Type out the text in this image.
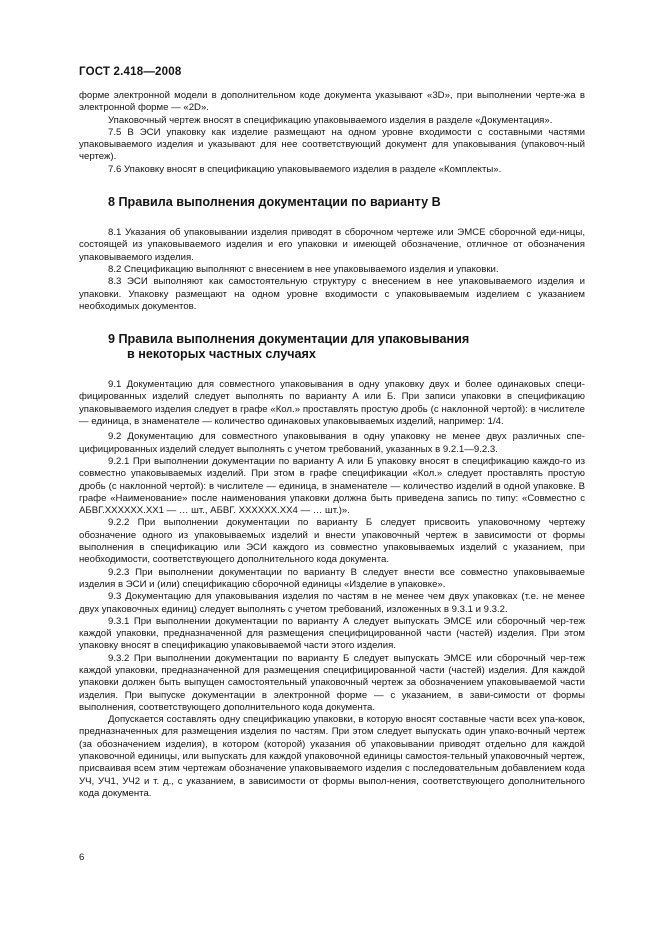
ГОСТ 2.418—2008

форме электронной модели в дополнительном коде документа указывают «3D», при выполнении черте-жа в электронной форме — «2D».

Упаковочный чертеж вносят в спецификацию упаковываемого изделия в разделе «Документация».

7.5 В ЭСИ упаковку как изделие размещают на одном уровне входимости с составными частями упаковываемого изделия и указывают для нее соответствующий документ для упаковывания (упаковоч-ный чертеж).

7.6 Упаковку вносят в спецификацию упаковываемого изделия в разделе «Комплекты».

8 Правила выполнения документации по варианту В

8.1 Указания об упаковывании изделия приводят в сборочном чертеже или ЭМСЕ сборочной еди-ницы, состоящей из упаковываемого изделия и его упаковки и имеющей обозначение, отличное от обозначения упаковываемого изделия.

8.2 Спецификацию выполняют с внесением в нее упаковываемого изделия и упаковки.

8.3 ЭСИ выполняют как самостоятельную структуру с внесением в нее упаковываемого изделия и упаковки. Упаковку размещают на одном уровне входимости с упаковываемым изделием с указанием необходимых документов.

9 Правила выполнения документации для упаковывания
в некоторых частных случаях

9.1 Документацию для совместного упаковывания в одну упаковку двух и более одинаковых специ-фицированных изделий следует выполнять по варианту А или Б. При записи упаковки в спецификацию упаковываемого изделия следует в графе «Кол.» проставлять простую дробь (с наклонной чертой): в числителе — единица, в знаменателе — количество одинаковых упаковываемых изделий, например: 1/4.

9.2 Документацию для совместного упаковывания в одну упаковку не менее двух различных спе-цифицированных изделий следует выполнять с учетом требований, указанных в 9.2.1—9.2.3.

9.2.1 При выполнении документации по варианту А или Б упаковку вносят в спецификацию каждо-го из совместно упаковываемых изделий. При этом в графе спецификации «Кол.» следует проставлять простую дробь (с наклонной чертой): в числителе — единица, в знаменателе — количество изделий в одной упаковке. В графе «Наименование» после наименования упаковки должна быть приведена запись по типу: «Совместно с АБВГ.XXXXXX.XX1 — … шт., АБВГ. XXXXXX.XX4 — … шт.)».

9.2.2 При выполнении документации по варианту Б следует присвоить упаковочному чертежу обозначение одного из упаковываемых изделий и внести упаковочный чертеж в зависимости от формы выполнения в спецификацию или ЭСИ каждого из совместно упаковываемых изделий с указанием, при необходимости, соответствующего дополнительного кода документа.

9.2.3 При выполнении документации по варианту В следует внести все совместно упаковываемые изделия в ЭСИ и (или) спецификацию сборочной единицы «Изделие в упаковке».

9.3 Документацию для упаковывания изделия по частям в не менее чем двух упаковках (т.е. не менее двух упаковочных единиц) следует выполнять с учетом требований, изложенных в 9.3.1 и 9.3.2.

9.3.1 При выполнении документации по варианту А следует выпускать ЭМСЕ или сборочный чер-теж каждой упаковки, предназначенной для размещения специфицированной части (частей) изделия. При этом упаковку вносят в спецификацию упаковываемой части этого изделия.

9.3.2 При выполнении документации по варианту Б следует выпускать ЭМСЕ или сборочный чер-теж каждой упаковки, предназначенной для размещения специфицированной части (частей) изделия. Для каждой упаковки должен быть выпущен самостоятельный упаковочный чертеж за обозначением упаковываемой части изделия. При выпуске документации в электронной форме — с указанием, в зави-симости от формы выполнения, соответствующего дополнительного кода документа.

Допускается составлять одну спецификацию упаковки, в которую вносят составные части всех упа-ковок, предназначенных для размещения изделия по частям. При этом следует выпускать один упако-вочный чертеж (за обозначением изделия), в котором (которой) указания об упаковывании приводят отдельно для каждой упаковочной единицы, или выпускать для каждой упаковочной единицы самостоя-тельный упаковочный чертеж, присваивая всем этим чертежам обозначение упаковываемого изделия с последовательным добавлением кода УЧ, УЧ1, УЧ2 и т. д., с указанием, в зависимости от формы выпол-нения, соответствующего дополнительного кода документа.

6
